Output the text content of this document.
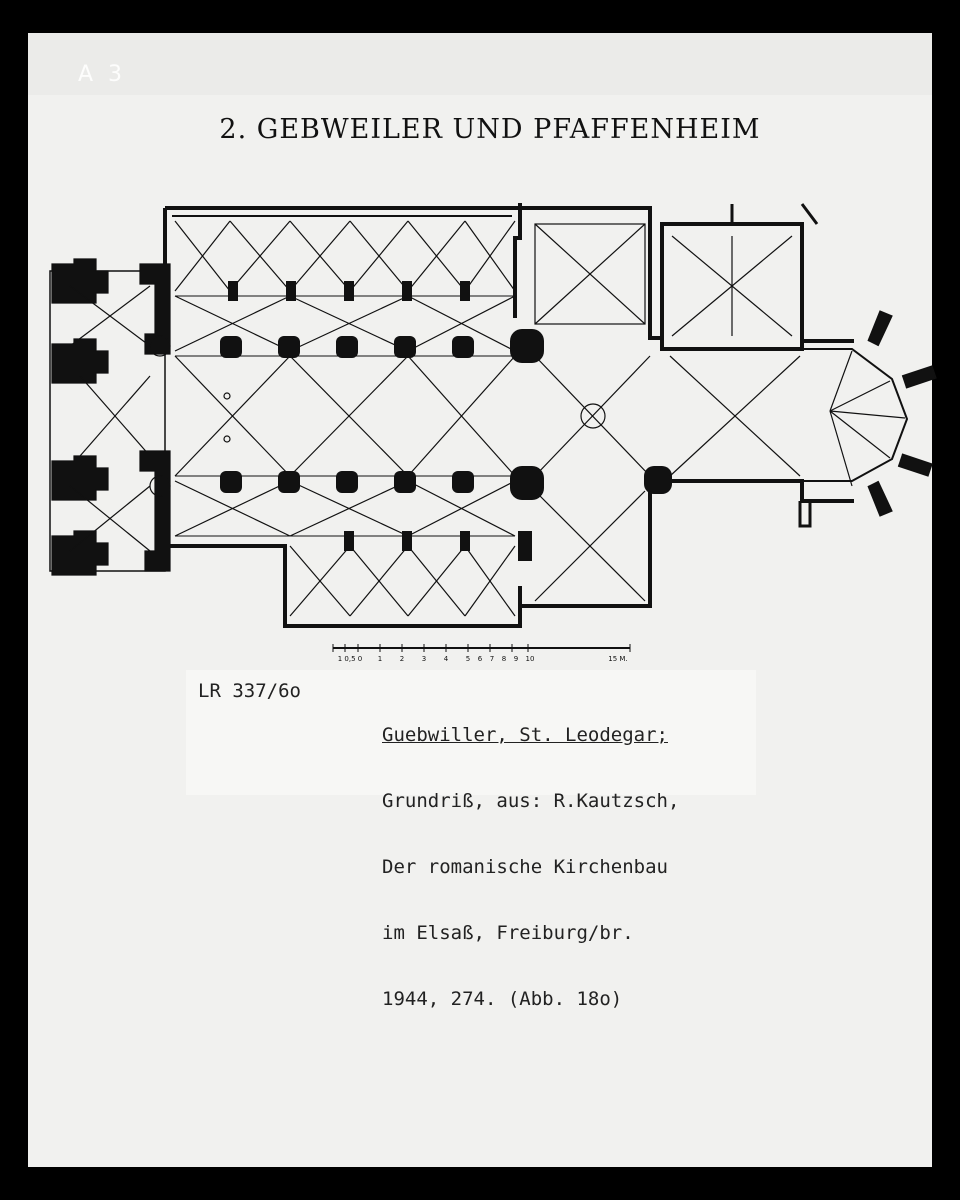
A 3
2. GEBWEILER UND PFAFFENHEIM
1 0,5 0 1	2	3	4	5 6 7 8 9 10	15 M.
LR 337/6o

Guebwiller, St. Leodegar;

Grundriß, aus: R.Kautzsch,

Der romanische Kirchenbau

im Elsaß, Freiburg/br.

1944, 274. (Abb. 18o)
